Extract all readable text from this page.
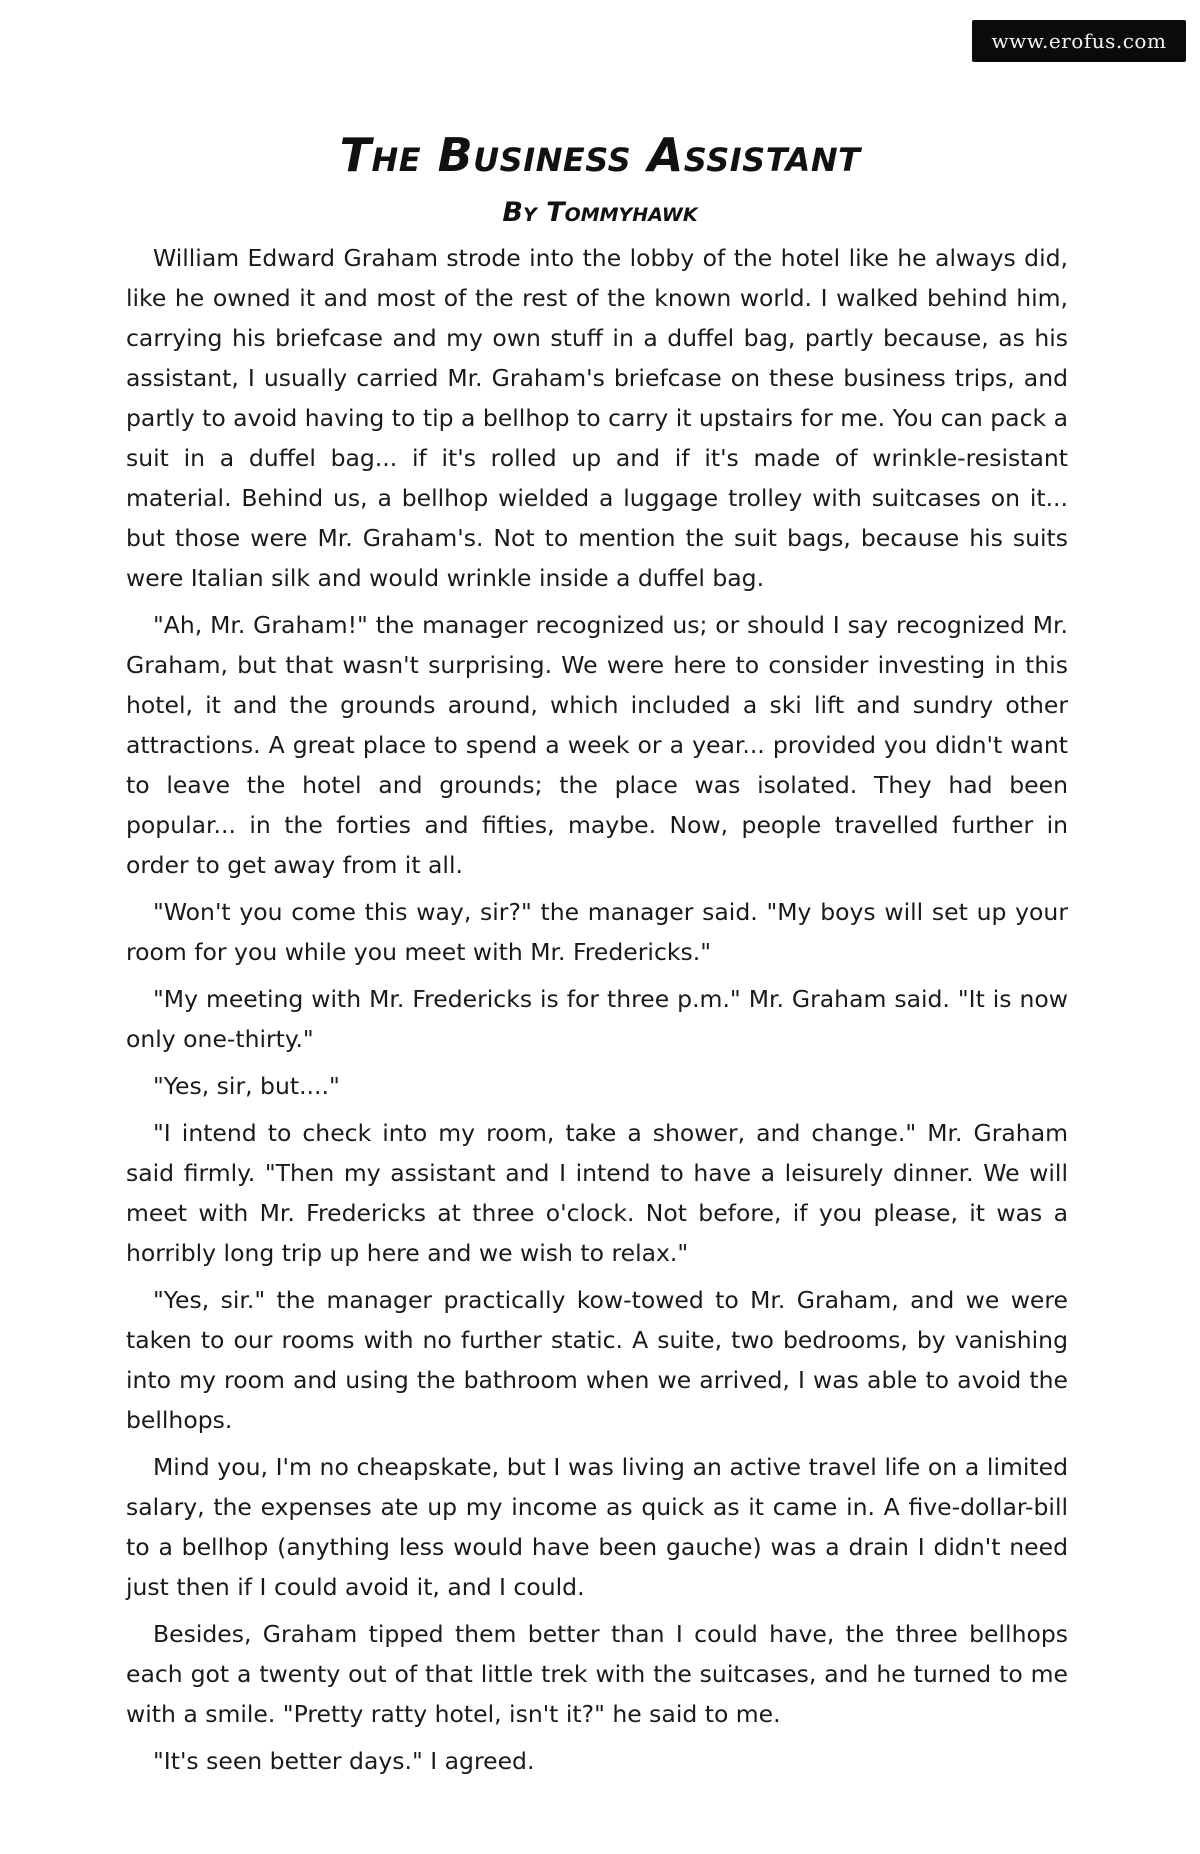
www.erofus.com
The Business Assistant
By Tommyhawk

William Edward Graham strode into the lobby of the hotel like he always did, like he owned it and most of the rest of the known world. I walked behind him, carrying his briefcase and my own stuff in a duffel bag, partly because, as his assistant, I usually carried Mr. Graham's briefcase on these business trips, and partly to avoid having to tip a bellhop to carry it upstairs for me. You can pack a suit in a duffel bag... if it's rolled up and if it's made of wrinkle-resistant material. Behind us, a bellhop wielded a luggage trolley with suitcases on it... but those were Mr. Graham's. Not to mention the suit bags, because his suits were Italian silk and would wrinkle inside a duffel bag.

"Ah, Mr. Graham!" the manager recognized us; or should I say recognized Mr. Graham, but that wasn't surprising. We were here to consider investing in this hotel, it and the grounds around, which included a ski lift and sundry other attractions. A great place to spend a week or a year... provided you didn't want to leave the hotel and grounds; the place was isolated. They had been popular... in the forties and fifties, maybe. Now, people travelled further in order to get away from it all.

"Won't you come this way, sir?" the manager said. "My boys will set up your room for you while you meet with Mr. Fredericks."

"My meeting with Mr. Fredericks is for three p.m." Mr. Graham said. "It is now only one-thirty."

"Yes, sir, but...."

"I intend to check into my room, take a shower, and change." Mr. Graham said firmly. "Then my assistant and I intend to have a leisurely dinner. We will meet with Mr. Fredericks at three o'clock. Not before, if you please, it was a horribly long trip up here and we wish to relax."

"Yes, sir." the manager practically kow-towed to Mr. Graham, and we were taken to our rooms with no further static. A suite, two bedrooms, by vanishing into my room and using the bathroom when we arrived, I was able to avoid the bellhops.

Mind you, I'm no cheapskate, but I was living an active travel life on a limited salary, the expenses ate up my income as quick as it came in. A five-dollar-bill to a bellhop (anything less would have been gauche) was a drain I didn't need just then if I could avoid it, and I could.

Besides, Graham tipped them better than I could have, the three bellhops each got a twenty out of that little trek with the suitcases, and he turned to me with a smile. "Pretty ratty hotel, isn't it?" he said to me.

"It's seen better days." I agreed.
